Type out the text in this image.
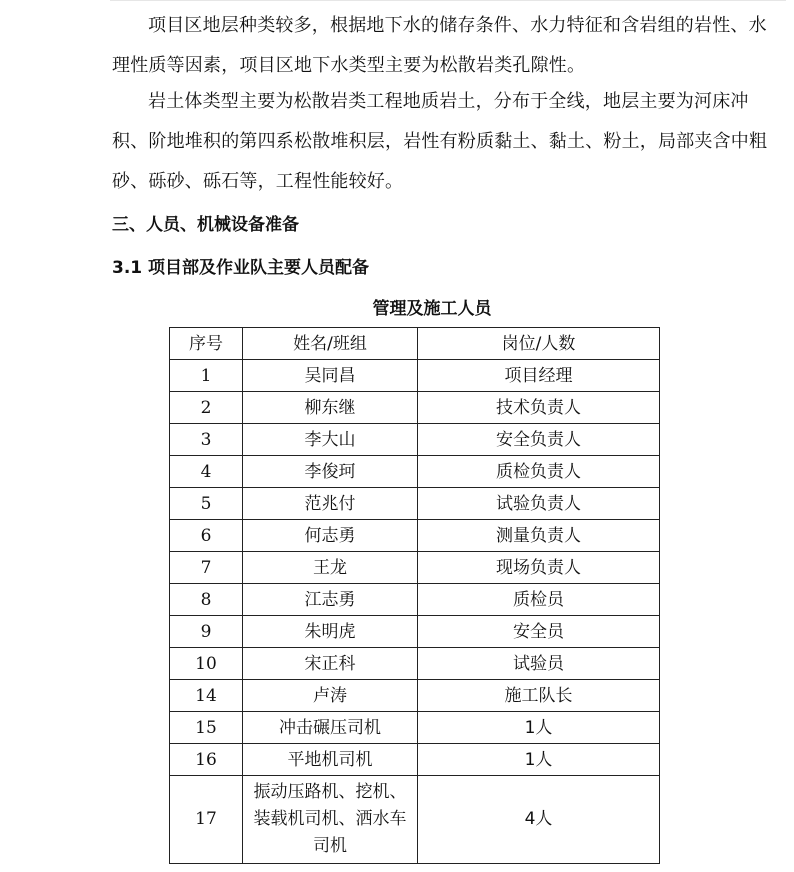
项目区地层种类较多，根据地下水的储存条件、水力特征和含岩组的岩性、水理性质等因素，项目区地下水类型主要为松散岩类孔隙性。

岩土体类型主要为松散岩类工程地质岩土，分布于全线，地层主要为河床冲积、阶地堆积的第四系松散堆积层，岩性有粉质黏土、黏土、粉土，局部夹含中粗砂、砾砂、砾石等，工程性能较好。

三、人员、机械设备准备

3.1 项目部及作业队主要人员配备

管理及施工人员
序号	姓名/班组	岗位/人数
1	吴同昌	项目经理
2	柳东继	技术负责人
3	李大山	安全负责人
4	李俊珂	质检负责人
5	范兆付	试验负责人
6	何志勇	测量负责人
7	王龙	现场负责人
8	江志勇	质检员
9	朱明虎	安全员
10	宋正科	试验员
14	卢涛	施工队长
15	冲击碾压司机	1人
16	平地机司机	1人
17	振动压路机、挖机、装载机司机、洒水车司机	4人
